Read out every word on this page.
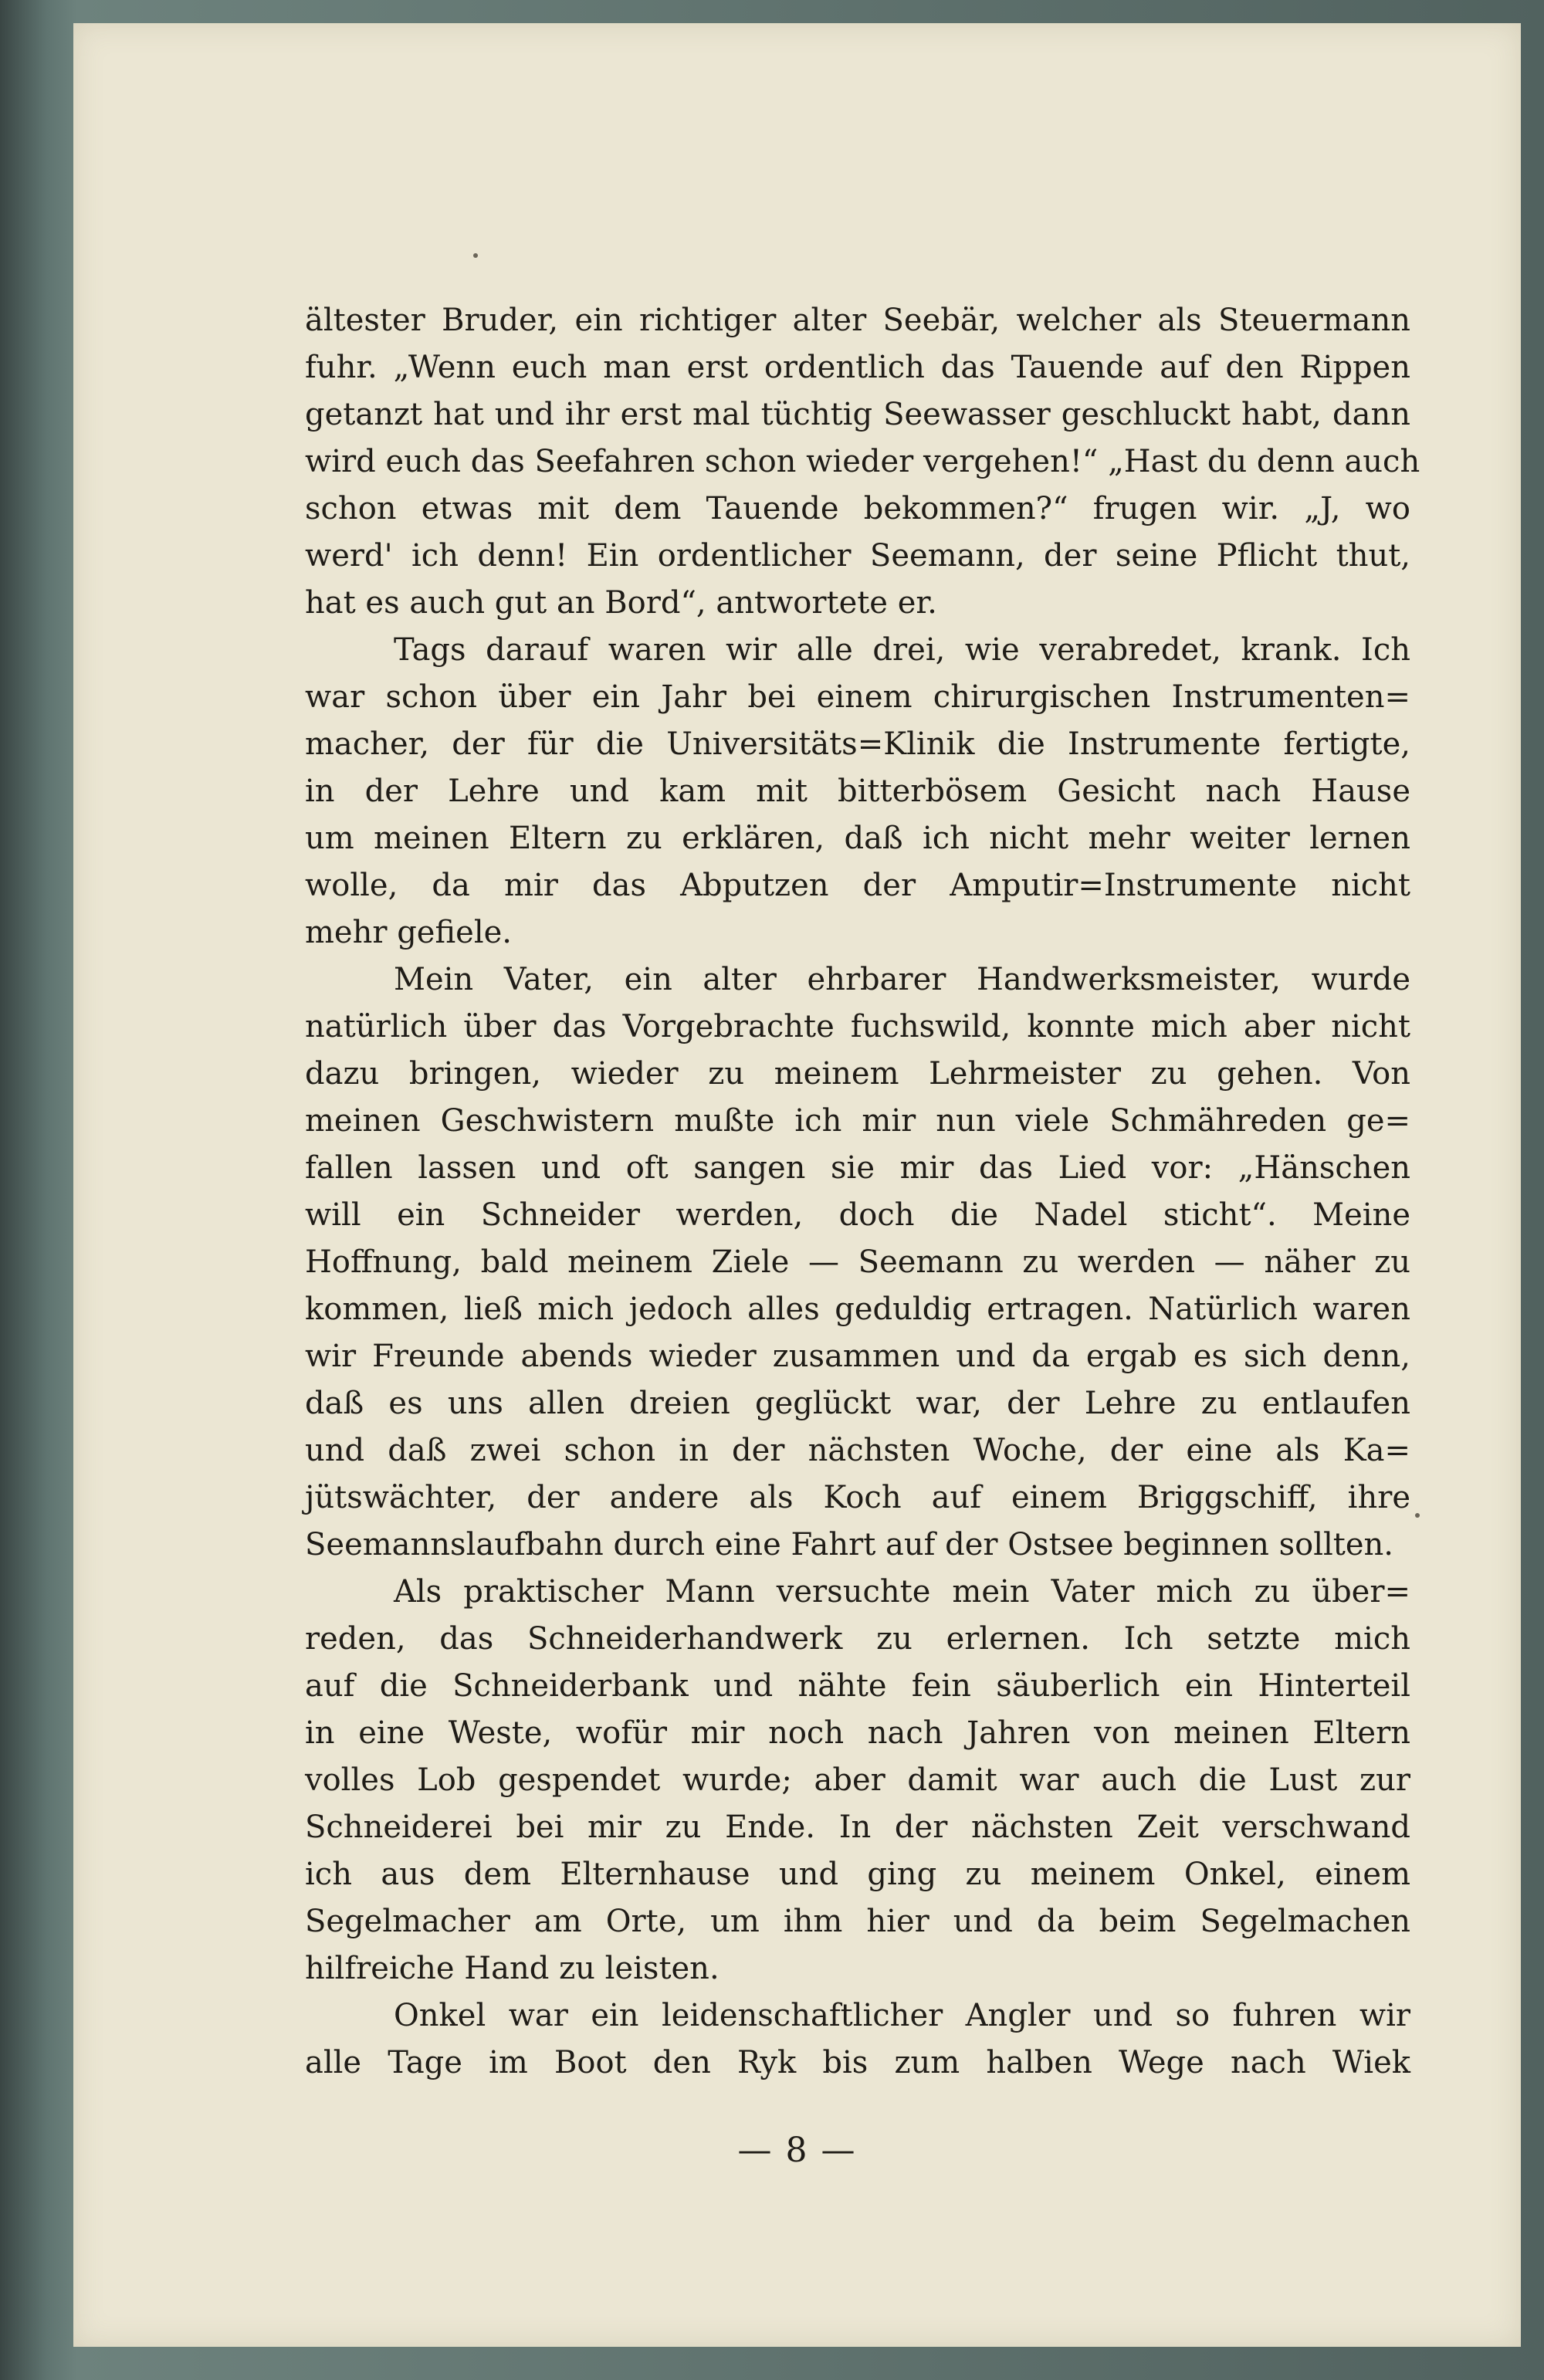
ältester Bruder, ein richtiger alter Seebär, welcher als Steuermann
fuhr. „Wenn euch man erst ordentlich das Tauende auf den Rippen
getanzt hat und ihr erst mal tüchtig Seewasser geschluckt habt, dann
wird euch das Seefahren schon wieder vergehen!“ „Hast du denn auch
schon etwas mit dem Tauende bekommen?“ frugen wir. „J, wo
werd' ich denn! Ein ordentlicher Seemann, der seine Pflicht thut,
hat es auch gut an Bord“, antwortete er.
Tags darauf waren wir alle drei, wie verabredet, krank. Ich
war schon über ein Jahr bei einem chirurgischen Instrumenten=
macher, der für die Universitäts=Klinik die Instrumente fertigte,
in der Lehre und kam mit bitterbösem Gesicht nach Hause
um meinen Eltern zu erklären, daß ich nicht mehr weiter lernen
wolle, da mir das Abputzen der Amputir=Instrumente nicht
mehr gefiele.
Mein Vater, ein alter ehrbarer Handwerksmeister, wurde
natürlich über das Vorgebrachte fuchswild, konnte mich aber nicht
dazu bringen, wieder zu meinem Lehrmeister zu gehen. Von
meinen Geschwistern mußte ich mir nun viele Schmähreden ge=
fallen lassen und oft sangen sie mir das Lied vor: „Hänschen
will ein Schneider werden, doch die Nadel sticht“. Meine
Hoffnung, bald meinem Ziele — Seemann zu werden — näher zu
kommen, ließ mich jedoch alles geduldig ertragen. Natürlich waren
wir Freunde abends wieder zusammen und da ergab es sich denn,
daß es uns allen dreien geglückt war, der Lehre zu entlaufen
und daß zwei schon in der nächsten Woche, der eine als Ka=
jütswächter, der andere als Koch auf einem Briggschiff, ihre
Seemannslaufbahn durch eine Fahrt auf der Ostsee beginnen sollten.
Als praktischer Mann versuchte mein Vater mich zu über=
reden, das Schneiderhandwerk zu erlernen. Ich setzte mich
auf die Schneiderbank und nähte fein säuberlich ein Hinterteil
in eine Weste, wofür mir noch nach Jahren von meinen Eltern
volles Lob gespendet wurde; aber damit war auch die Lust zur
Schneiderei bei mir zu Ende. In der nächsten Zeit verschwand
ich aus dem Elternhause und ging zu meinem Onkel, einem
Segelmacher am Orte, um ihm hier und da beim Segelmachen
hilfreiche Hand zu leisten.
Onkel war ein leidenschaftlicher Angler und so fuhren wir
alle Tage im Boot den Ryk bis zum halben Wege nach Wiek
— 8 —
